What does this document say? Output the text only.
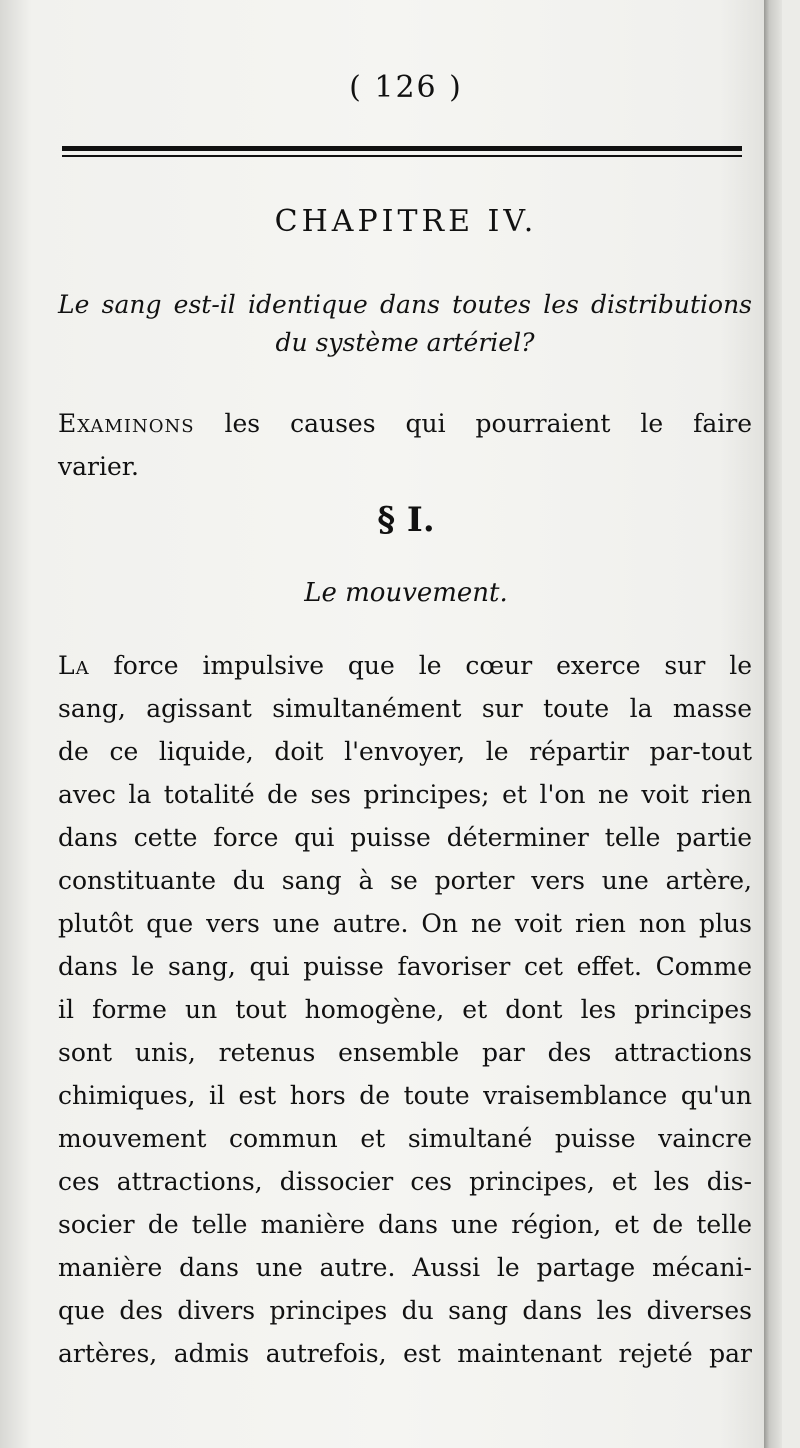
( 126 )
CHAPITRE IV.
Le sang est-il identique dans toutes les distributions
du système artériel?
Examinons les causes qui pourraient le faire
varier.
§ I.
Le mouvement.
La force impulsive que le cœur exerce sur le
sang, agissant simultanément sur toute la masse
de ce liquide, doit l'envoyer, le répartir par-tout
avec la totalité de ses principes; et l'on ne voit rien
dans cette force qui puisse déterminer telle partie
constituante du sang à se porter vers une artère,
plutôt que vers une autre. On ne voit rien non plus
dans le sang, qui puisse favoriser cet effet. Comme
il forme un tout homogène, et dont les principes
sont unis, retenus ensemble par des attractions
chimiques, il est hors de toute vraisemblance qu'un
mouvement commun et simultané puisse vaincre
ces attractions, dissocier ces principes, et les dis-
socier de telle manière dans une région, et de telle
manière dans une autre. Aussi le partage mécani-
que des divers principes du sang dans les diverses
artères, admis autrefois, est maintenant rejeté par
